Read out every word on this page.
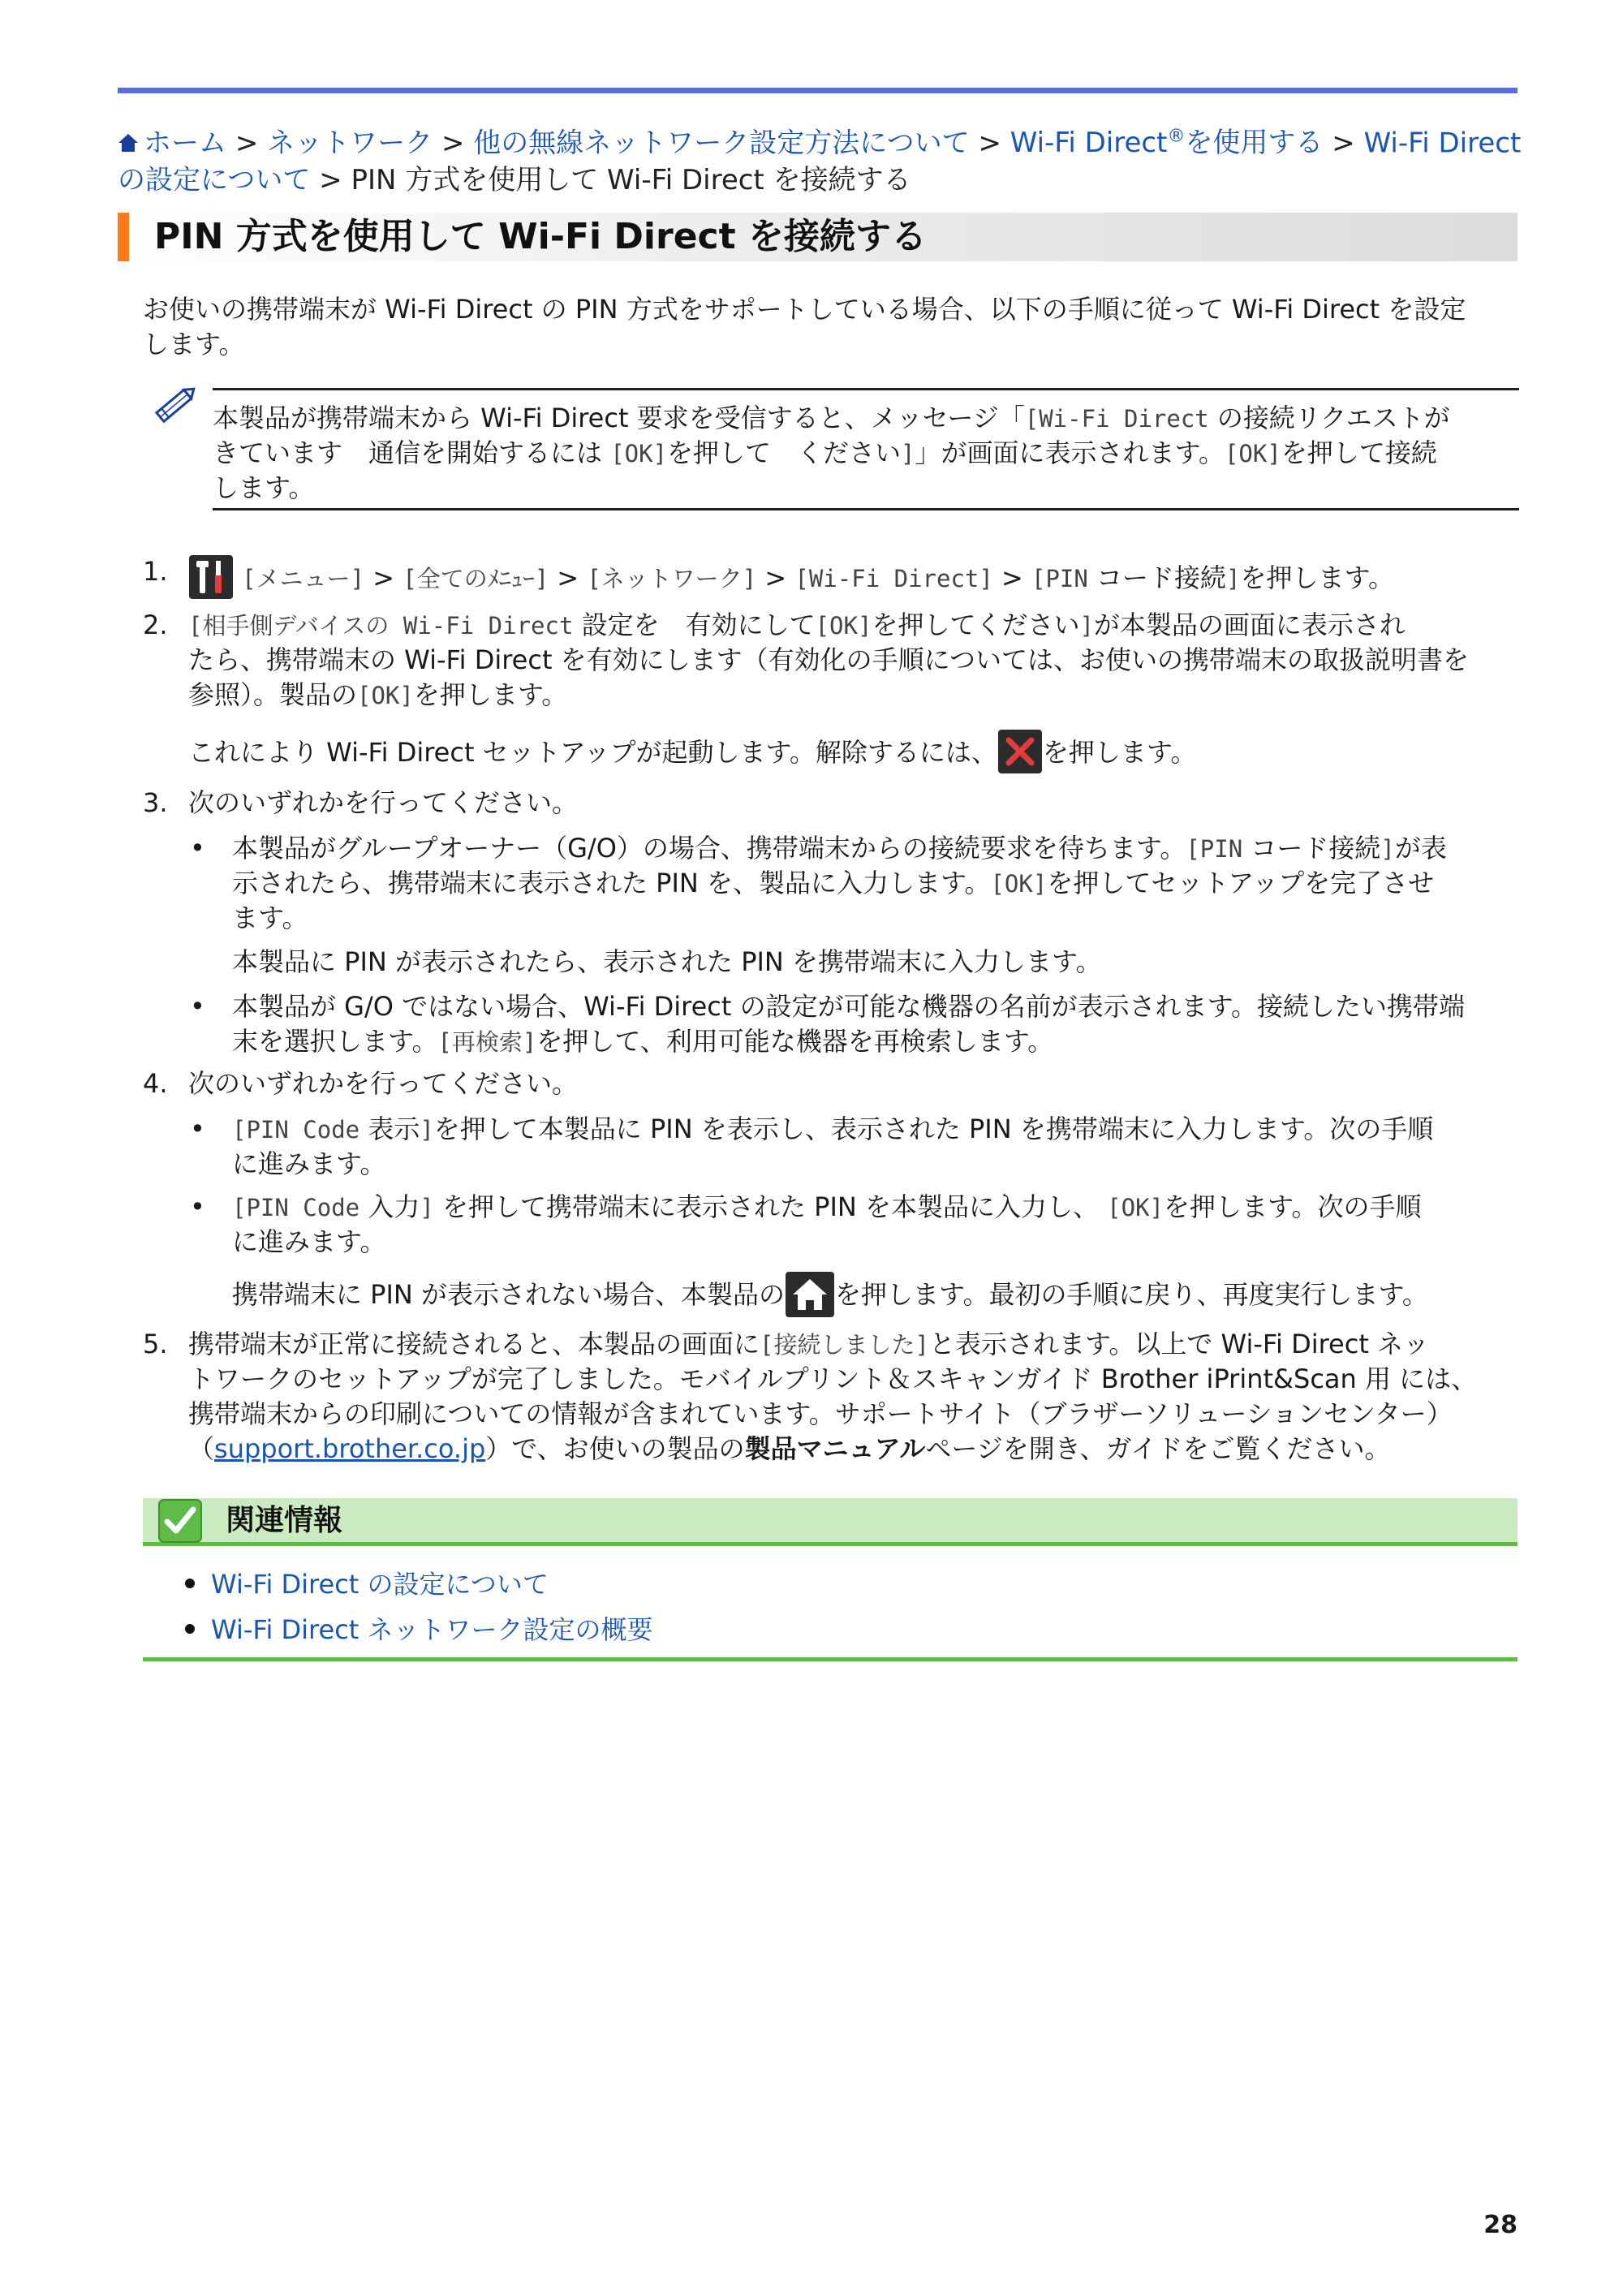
ホーム > ネットワーク > 他の無線ネットワーク設定方法について > Wi-Fi Direct®を使用する > Wi-Fi Direct
の設定について > PIN 方式を使用して Wi-Fi Direct を接続する
PIN 方式を使用して Wi-Fi Direct を接続する
お使いの携帯端末が Wi-Fi Direct の PIN 方式をサポートしている場合、以下の手順に従って Wi-Fi Direct を設定
します。
本製品が携帯端末から Wi-Fi Direct 要求を受信すると、メッセージ「[Wi-Fi Direct の接続リクエストが
きています　通信を開始するには [OK]を押して　ください]」が画面に表示されます。[OK]を押して接続
します。
1.	[メニュー] > [全てのﾒﾆｭｰ] > [ネットワーク] > [Wi-Fi Direct] > [PIN コード接続]を押します。
2. [相手側デバイスの Wi-Fi Direct 設定を　有効にして[OK]を押してください]が本製品の画面に表示され
たら、携帯端末の Wi-Fi Direct を有効にします（有効化の手順については、お使いの携帯端末の取扱説明書を
参照）。製品の[OK]を押します。
これにより Wi-Fi Direct セットアップが起動します。解除するには、 を押します。
3. 次のいずれかを行ってください。
• 本製品がグループオーナー（G/O）の場合、携帯端末からの接続要求を待ちます。[PIN コード接続]が表
示されたら、携帯端末に表示された PIN を、製品に入力します。[OK]を押してセットアップを完了させ
ます。
本製品に PIN が表示されたら、表示された PIN を携帯端末に入力します。
• 本製品が G/O ではない場合、Wi-Fi Direct の設定が可能な機器の名前が表示されます。接続したい携帯端
末を選択します。[再検索]を押して、利用可能な機器を再検索します。
4. 次のいずれかを行ってください。
• [PIN Code 表示]を押して本製品に PIN を表示し、表示された PIN を携帯端末に入力します。次の手順
に進みます。
• [PIN Code 入力] を押して携帯端末に表示された PIN を本製品に入力し、 [OK]を押します。次の手順
に進みます。
携帯端末に PIN が表示されない場合、本製品の を押します。最初の手順に戻り、再度実行します。
5. 携帯端末が正常に接続されると、本製品の画面に[接続しました]と表示されます。以上で Wi-Fi Direct ネッ
トワークのセットアップが完了しました。モバイルプリント＆スキャンガイド Brother iPrint&Scan 用 には、
携帯端末からの印刷についての情報が含まれています。サポートサイト（ブラザーソリューションセンター）
（support.brother.co.jp）で、お使いの製品の製品マニュアルページを開き、ガイドをご覧ください。
関連情報
Wi-Fi Direct の設定について
Wi-Fi Direct ネットワーク設定の概要
28
